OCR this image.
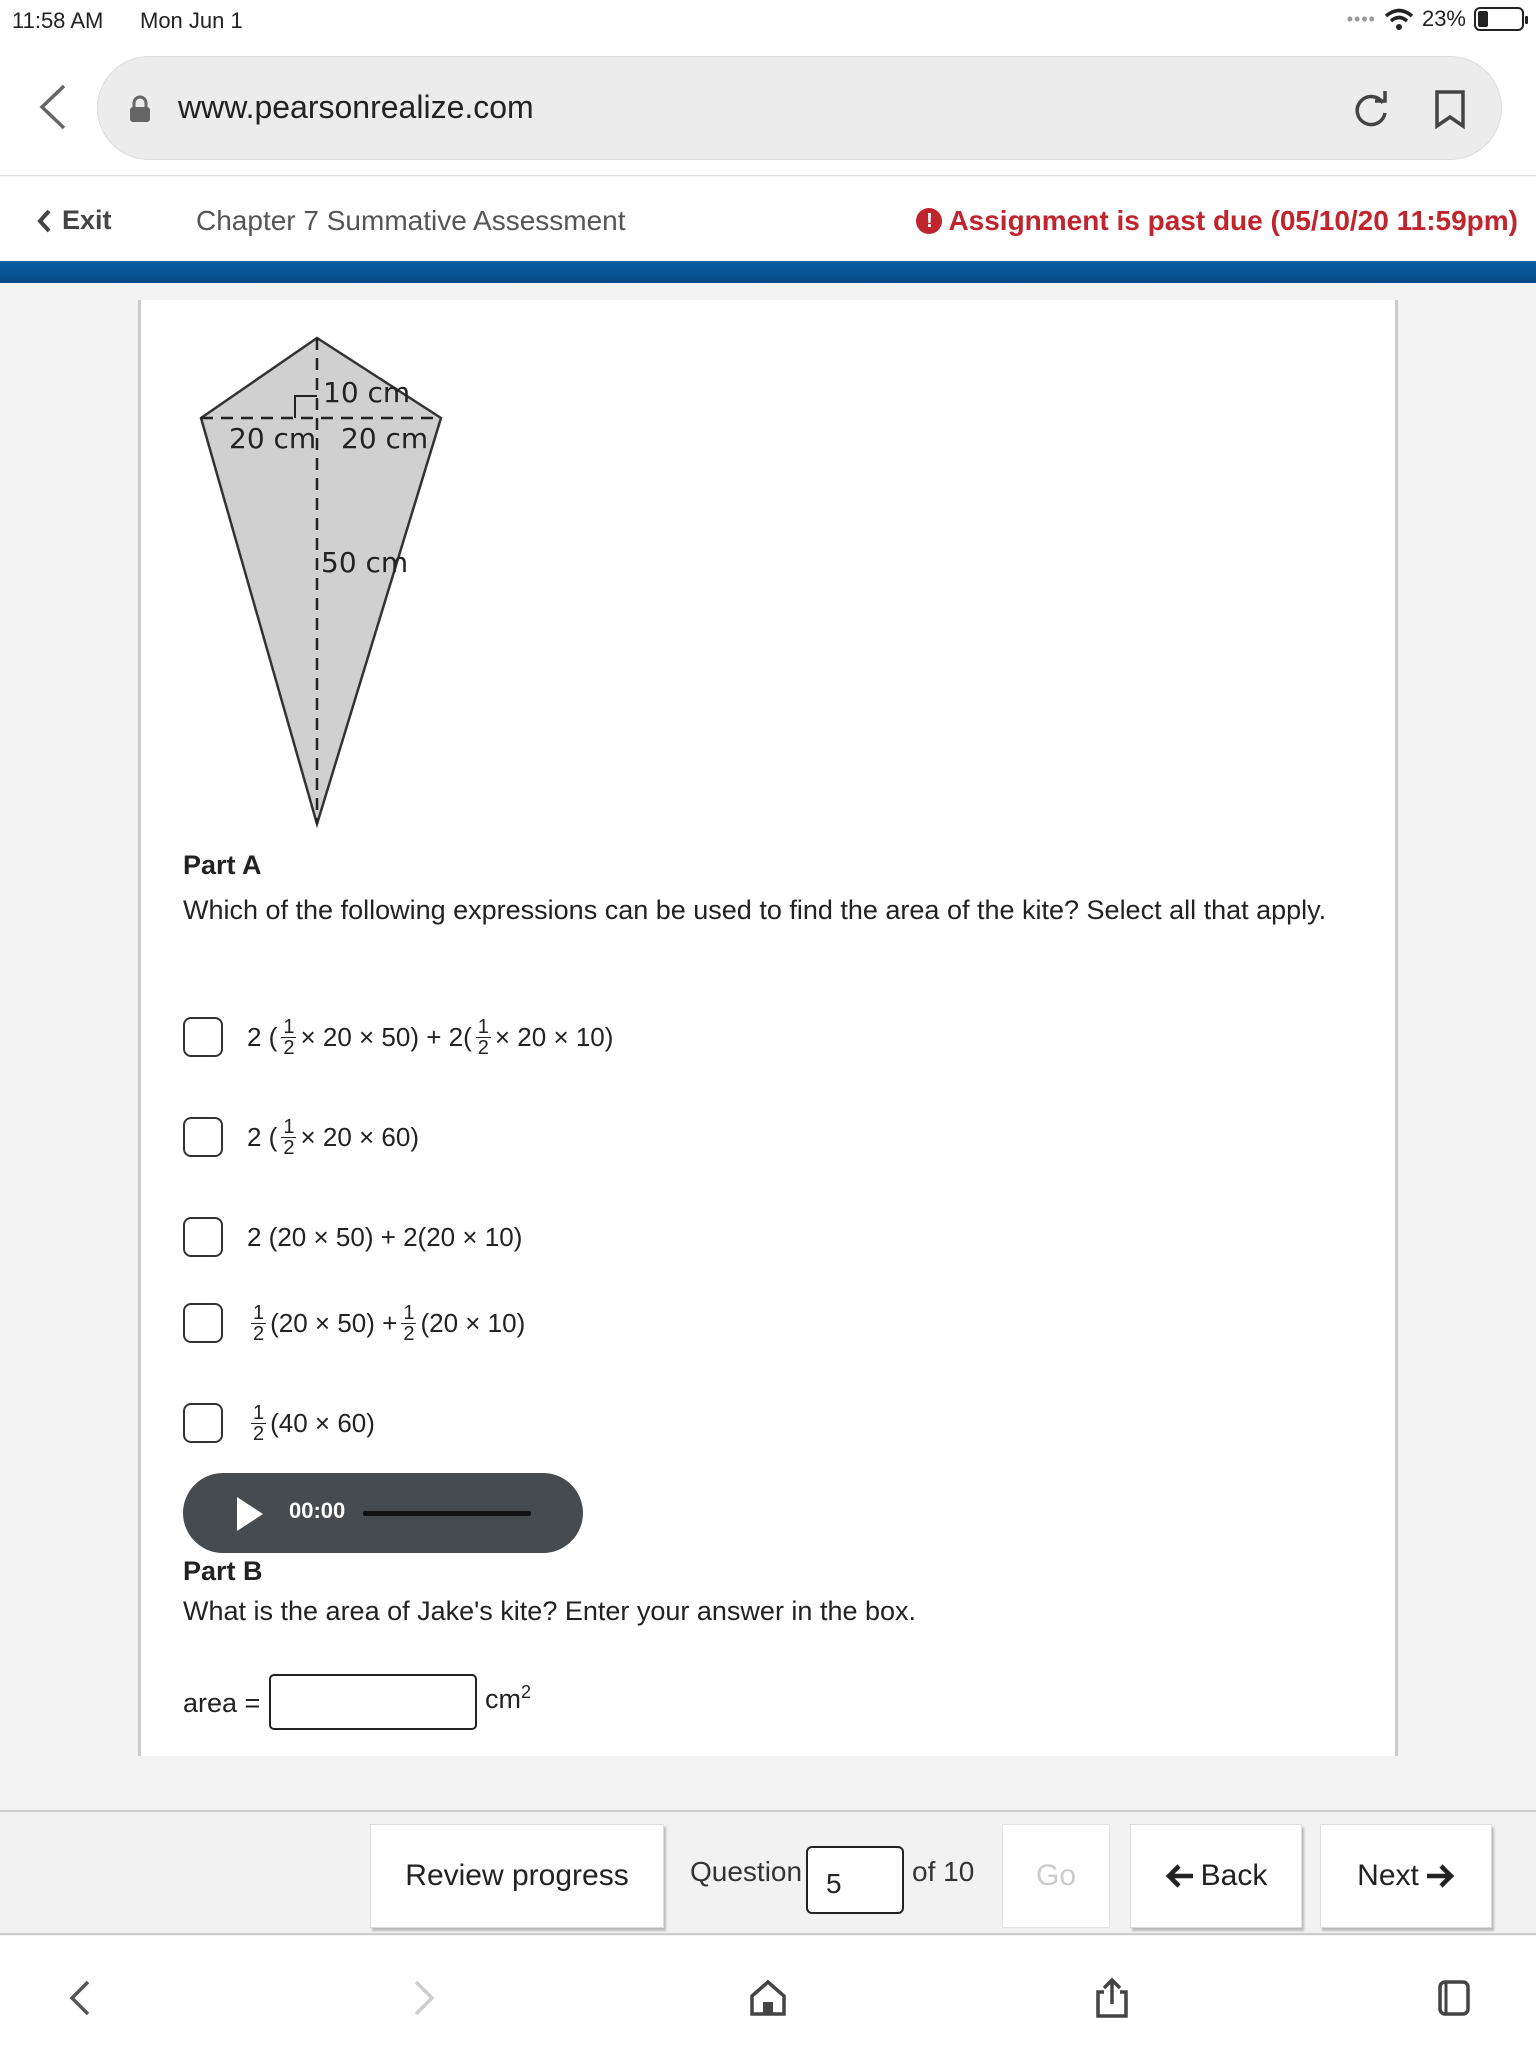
11:58 AM Mon Jun 1	•••• 23%
www.pearsonrealize.com
Exit	Chapter 7 Summative Assessment	! Assignment is past due (05/10/20 11:59pm)
10 cm
20 cm 20 cm
50 cm
Part A
Which of the following expressions can be used to find the area of the kite? Select all that apply.
2 ( $\frac{1}{2} \times 20 \times 50) + 2( \frac{1}{2} \times 20 \times 10)$
2 ( $\frac{1}{2} \times 20 \times 60$)
2 (20 × 50) + 2(20 × 10)
$\frac{1}{2} (20 \times 50) + \frac{1}{2} (20 \times 10)$
$\frac{1}{2} (40 \times 60)$
00:00
Part B
What is the area of Jake's kite? Enter your answer in the box.
area =	$cm^2$
Review progress	Question 5	of 10	Go	Back	Next
